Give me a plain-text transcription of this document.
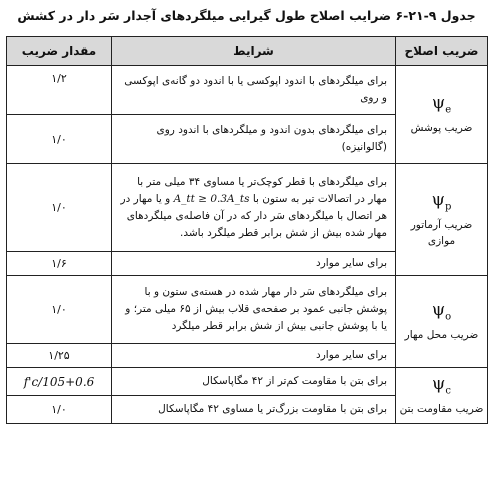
جدول ۹-۲۱-۶ ضرایب اصلاح طول گیرایی میلگردهای آجدار سَر دار در کشش
ضریب اصلاح	شرایط	مقدار ضریب

$\psi_e$
ضریب پوشش	برای میلگردهای با اندود اپوکسی یا با اندود دو گانه‌ی اپوکسی و روی	۱/۲
	برای میلگردهای بدون اندود و میلگردهای با اندود روی (گالوانیزه)	۱/۰

$\psi_p$
ضریب آرماتور موازی	برای میلگردهای با قطر کوچک‌تر یا مساوی ۳۴ میلی متر با مهار در اتصالات تیر به ستون با A_tt ≥ 0.3A_ts و یا مهار در هر اتصال با میلگردهای سَر دار که در آن فاصله‌ی میلگردهای مهار شده بیش از شش برابر قطر میلگرد باشد.	۱/۰
	برای سایر موارد	۱/۶

$\psi_o$
ضریب محل مهار	برای میلگردهای سَر دار مهار شده در هسته‌ی ستون و با پوشش جانبی عمود بر صفحه‌ی قلاب بیش از ۶۵ میلی متر؛ و یا با پوشش جانبی بیش از شش برابر قطر میلگرد	۱/۰
	برای سایر موارد	۱/۲۵

$\psi_c$
ضریب مقاومت بتن	برای بتن با مقاومت کم‌تر از ۴۲ مگاپاسکال	f'c/105+0.6
	برای بتن با مقاومت بزرگ‌تر یا مساوی ۴۲ مگاپاسکال	۱/۰
